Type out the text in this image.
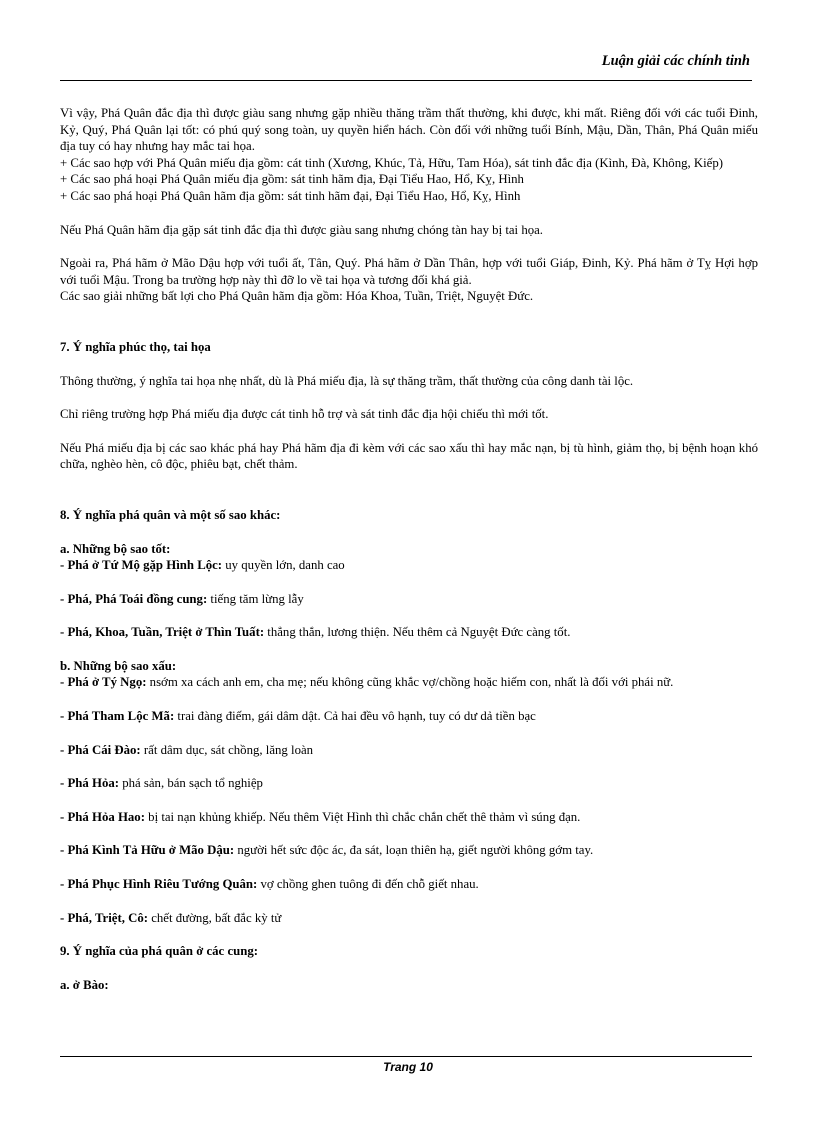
Luận giải các chính tinh

Vì vậy, Phá Quân đắc địa thì được giàu sang nhưng gặp nhiều thăng trầm thất thường, khi được, khi mất. Riêng đối với các tuổi Đinh, Kỷ, Quý, Phá Quân lại tốt: có phú quý song toàn, uy quyền hiển hách. Còn đối với những tuổi Bính, Mậu, Dần, Thân, Phá Quân miếu địa tuy có hay nhưng hay mắc tai họa.

+ Các sao hợp với Phá Quân miếu địa gồm: cát tinh (Xương, Khúc, Tả, Hữu, Tam Hóa), sát tinh đắc địa (Kình, Đà, Không, Kiếp)

+ Các sao phá hoại Phá Quân miếu địa gồm: sát tinh hãm địa, Đại Tiểu Hao, Hổ, Kỵ, Hình

+ Các sao phá hoại Phá Quân hãm địa gồm: sát tinh hãm đại, Đại Tiểu Hao, Hổ, Kỵ, Hình

Nếu Phá Quân hãm địa gặp sát tinh đắc địa thì được giàu sang nhưng chóng tàn hay bị tai họa.

Ngoài ra, Phá hãm ở Mão Dậu hợp với tuổi ất, Tân, Quý. Phá hãm ở Dần Thân, hợp với tuổi Giáp, Đinh, Kỷ. Phá hãm ở Tỵ Hợi hợp với tuổi Mậu. Trong ba trường hợp này thì đỡ lo về tai họa và tương đối khá giả.

Các sao giải những bất lợi cho Phá Quân hãm địa gồm: Hóa Khoa, Tuần, Triệt, Nguyệt Đức.

7. Ý nghĩa phúc thọ, tai họa

Thông thường, ý nghĩa tai họa nhẹ nhất, dù là Phá miếu địa, là sự thăng trầm, thất thường của công danh tài lộc.

Chỉ riêng trường hợp Phá miếu địa được cát tinh hỗ trợ và sát tinh đắc địa hội chiếu thì mới tốt.

Nếu Phá miếu địa bị các sao khác phá hay Phá hãm địa đi kèm với các sao xấu thì hay mắc nạn, bị tù hình, giảm thọ, bị bệnh hoạn khó chữa, nghèo hèn, cô độc, phiêu bạt, chết thảm.

8. Ý nghĩa phá quân và một số sao khác:

a. Những bộ sao tốt:

- Phá ở Tứ Mộ gặp Hình Lộc: uy quyền lớn, danh cao

- Phá, Phá Toái đồng cung: tiếng tăm lừng lẫy

- Phá, Khoa, Tuần, Triệt ở Thìn Tuất: thẳng thắn, lương thiện. Nếu thêm cả Nguyệt Đức càng tốt.

b. Những bộ sao xấu:

- Phá ở Tý Ngọ: nsớm xa cách anh em, cha mẹ; nếu không cũng khắc vợ/chồng hoặc hiếm con, nhất là đối với phái nữ.

- Phá Tham Lộc Mã: trai đàng điếm, gái dâm dật. Cả hai đều vô hạnh, tuy có dư dả tiền bạc

- Phá Cái Đào: rất dâm dục, sát chồng, lăng loàn

- Phá Hỏa: phá sản, bán sạch tổ nghiệp

- Phá Hỏa Hao: bị tai nạn khủng khiếp. Nếu thêm Việt Hình thì chắc chắn chết thê thảm vì súng đạn.

- Phá Kình Tả Hữu ở Mão Dậu: người hết sức độc ác, đa sát, loạn thiên hạ, giết người không gớm tay.

- Phá Phục Hình Riêu Tướng Quân: vợ chồng ghen tuông đi đến chỗ giết nhau.

- Phá, Triệt, Cô: chết đường, bất đắc kỳ tử

9. Ý nghĩa của phá quân ở các cung:

a. ở Bào:

Trang 10
